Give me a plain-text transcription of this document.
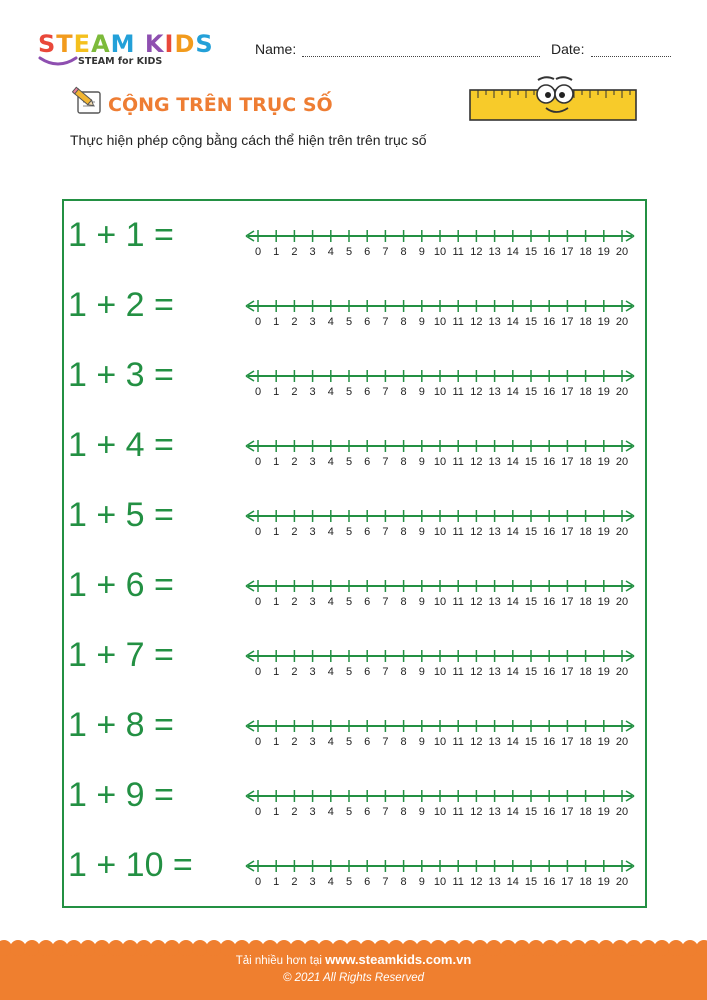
STEAM KIDS
STEAM for KIDS
Name:	Date:
CỘNG TRÊN TRỤC SỐ
Thực hiện phép cộng bằng cách thể hiện trên trên trục số
1 + 1 =	0 1 2 3 4 5 6 7 8 9 10 11 12 13 14 15 16 17 18 19 20
1 + 2 =	0 1 2 3 4 5 6 7 8 9 10 11 12 13 14 15 16 17 18 19 20
1 + 3 =	0 1 2 3 4 5 6 7 8 9 10 11 12 13 14 15 16 17 18 19 20
1 + 4 =	0 1 2 3 4 5 6 7 8 9 10 11 12 13 14 15 16 17 18 19 20
1 + 5 =	0 1 2 3 4 5 6 7 8 9 10 11 12 13 14 15 16 17 18 19 20
1 + 6 =	0 1 2 3 4 5 6 7 8 9 10 11 12 13 14 15 16 17 18 19 20
1 + 7 =	0 1 2 3 4 5 6 7 8 9 10 11 12 13 14 15 16 17 18 19 20
1 + 8 =	0 1 2 3 4 5 6 7 8 9 10 11 12 13 14 15 16 17 18 19 20
1 + 9 =	0 1 2 3 4 5 6 7 8 9 10 11 12 13 14 15 16 17 18 19 20
1 + 10 =	0 1 2 3 4 5 6 7 8 9 10 11 12 13 14 15 16 17 18 19 20
Tải nhiều hơn tại www.steamkids.com.vn
© 2021 All Rights Reserved
